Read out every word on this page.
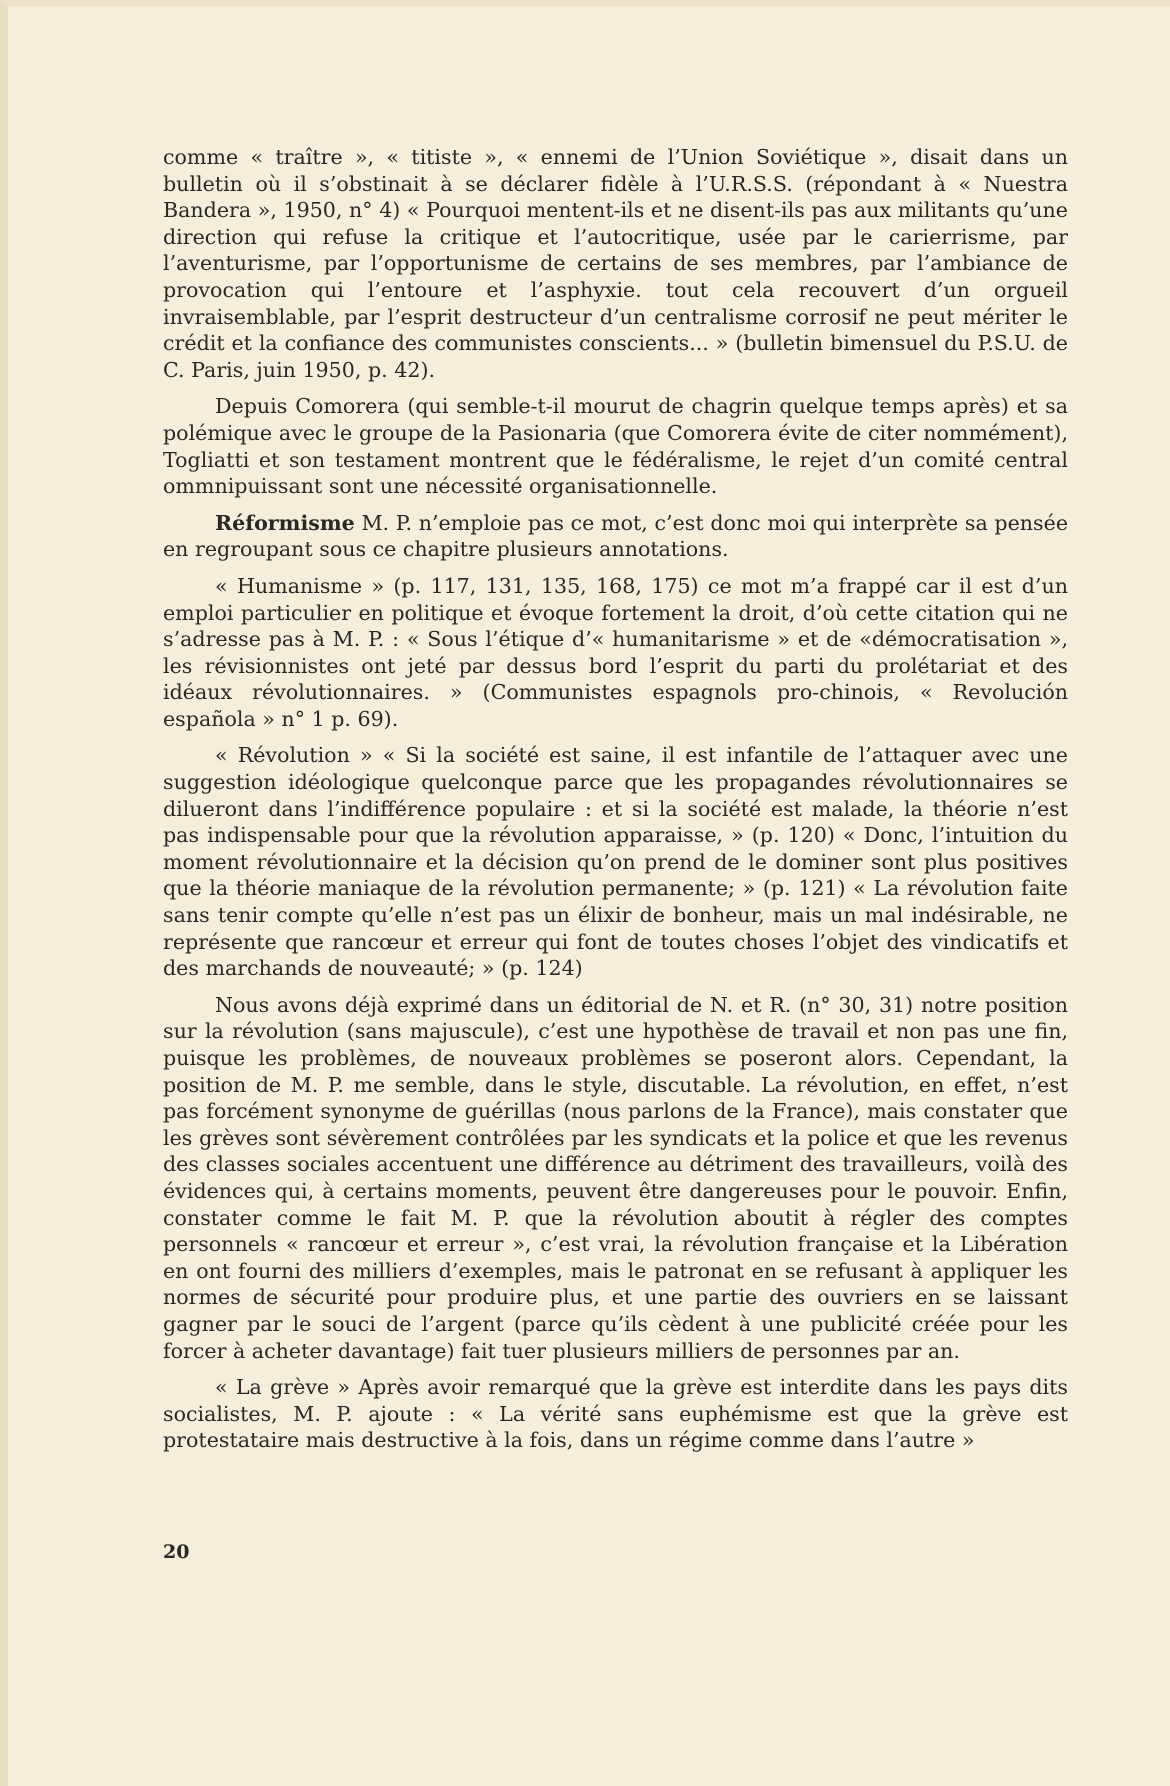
comme « traître », « titiste », « ennemi de l’Union Soviétique », disait dans un bulletin où il s’obstinait à se déclarer fidèle à l’U.R.S.S. (répondant à « Nuestra Bandera », 1950, n° 4) « Pourquoi mentent-ils et ne disent-ils pas aux militants qu’une direction qui refuse la critique et l’autocritique, usée par le carierrisme, par l’aventurisme, par l’opportunisme de certains de ses membres, par l’ambiance de provocation qui l’entoure et l’asphyxie. tout cela recouvert d’un orgueil invraisemblable, par l’esprit destructeur d’un centralisme corrosif ne peut mériter le crédit et la confiance des communistes conscients... » (bulletin bimensuel du P.S.U. de C. Paris, juin 1950, p. 42).

Depuis Comorera (qui semble-t-il mourut de chagrin quelque temps après) et sa polémique avec le groupe de la Pasionaria (que Comorera évite de citer nommément), Togliatti et son testament montrent que le fédéralisme, le rejet d’un comité central ommnipuissant sont une nécessité organisationnelle.

Réformisme M. P. n’emploie pas ce mot, c’est donc moi qui interprète sa pensée en regroupant sous ce chapitre plusieurs annotations.

« Humanisme » (p. 117, 131, 135, 168, 175) ce mot m’a frappé car il est d’un emploi particulier en politique et évoque fortement la droit, d’où cette citation qui ne s’adresse pas à M. P. : « Sous l’étique d’« humanitarisme » et de «démocratisation », les révisionnistes ont jeté par dessus bord l’esprit du parti du prolétariat et des idéaux révolutionnaires. » (Communistes espagnols pro-chinois, « Revolución española » n° 1 p. 69).

« Révolution » « Si la société est saine, il est infantile de l’attaquer avec une suggestion idéologique quelconque parce que les propagandes révolutionnaires se dilueront dans l’indifférence populaire : et si la société est malade, la théorie n’est pas indispensable pour que la révolution apparaisse, » (p. 120) « Donc, l’intuition du moment révolutionnaire et la décision qu’on prend de le dominer sont plus positives que la théorie maniaque de la révolution permanente; » (p. 121) « La révolution faite sans tenir compte qu’elle n’est pas un élixir de bonheur, mais un mal indésirable, ne représente que rancœur et erreur qui font de toutes choses l’objet des vindicatifs et des marchands de nouveauté; » (p. 124)

Nous avons déjà exprimé dans un éditorial de N. et R. (n° 30, 31) notre position sur la révolution (sans majuscule), c’est une hypothèse de travail et non pas une fin, puisque les problèmes, de nouveaux problèmes se poseront alors. Cependant, la position de M. P. me semble, dans le style, discutable. La révolution, en effet, n’est pas forcément synonyme de guérillas (nous parlons de la France), mais constater que les grèves sont sévèrement contrôlées par les syndicats et la police et que les revenus des classes sociales accentuent une différence au détriment des travailleurs, voilà des évidences qui, à certains moments, peuvent être dangereuses pour le pouvoir. Enfin, constater comme le fait M. P. que la révolution aboutit à régler des comptes personnels « rancœur et erreur », c’est vrai, la révolution française et la Libération en ont fourni des milliers d’exemples, mais le patronat en se refusant à appliquer les normes de sécurité pour produire plus, et une partie des ouvriers en se laissant gagner par le souci de l’argent (parce qu’ils cèdent à une publicité créée pour les forcer à acheter davantage) fait tuer plusieurs milliers de personnes par an.

« La grève » Après avoir remarqué que la grève est interdite dans les pays dits socialistes, M. P. ajoute : « La vérité sans euphémisme est que la grève est protestataire mais destructive à la fois, dans un régime comme dans l’autre »

20
